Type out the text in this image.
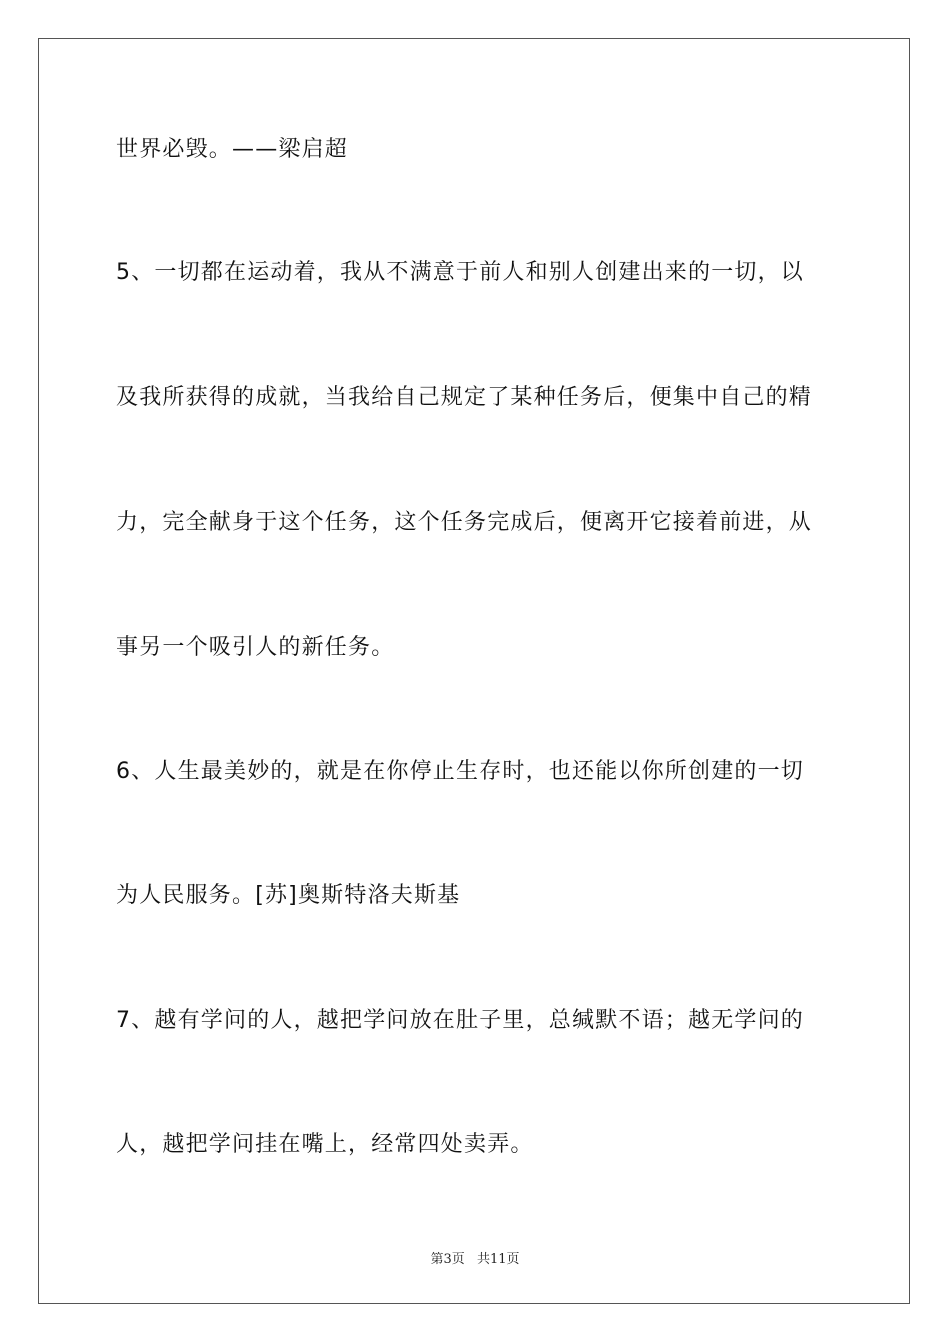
世界必毁。——梁启超
5、一切都在运动着，我从不满意于前人和别人创建出来的一切，以
及我所获得的成就，当我给自己规定了某种任务后，便集中自己的精
力，完全献身于这个任务，这个任务完成后，便离开它接着前进，从
事另一个吸引人的新任务。
6、人生最美妙的，就是在你停止生存时，也还能以你所创建的一切
为人民服务。[苏]奥斯特洛夫斯基
7、越有学问的人，越把学问放在肚子里，总缄默不语；越无学问的
人，越把学问挂在嘴上，经常四处卖弄。
第3页 共11页
